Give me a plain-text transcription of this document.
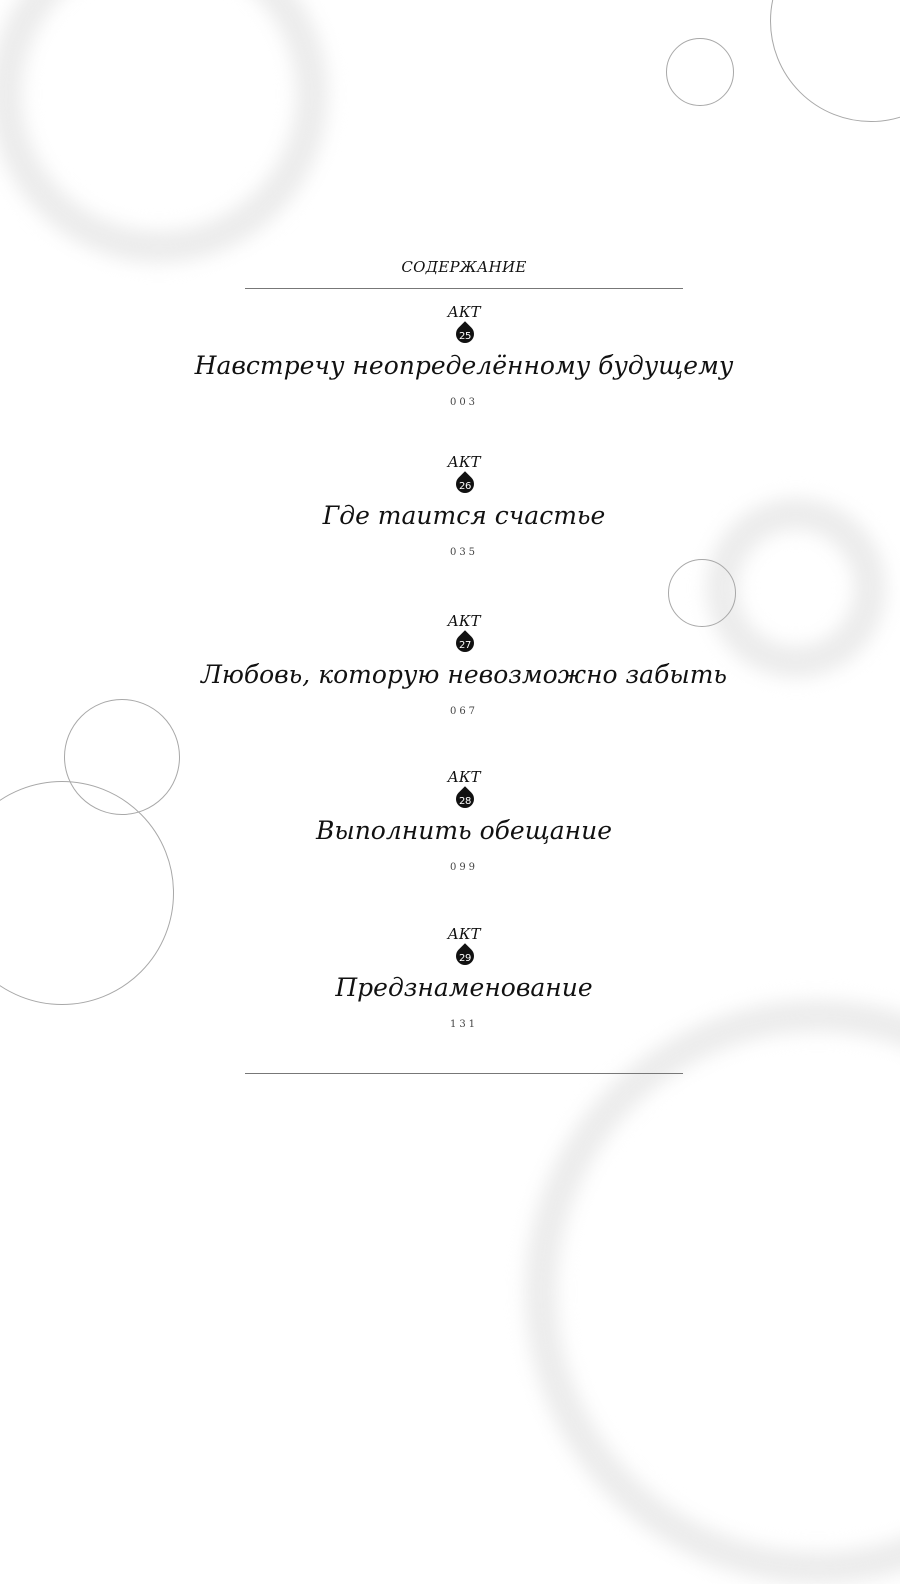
СОДЕРЖАНИЕ
АКТ
25
Навстречу неопределённому будущему
003
АКТ
26
Где таится счастье
035
АКТ
27
Любовь, которую невозможно забыть
067
АКТ
28
Выполнить обещание
099
АКТ
29
Предзнаменование
131
